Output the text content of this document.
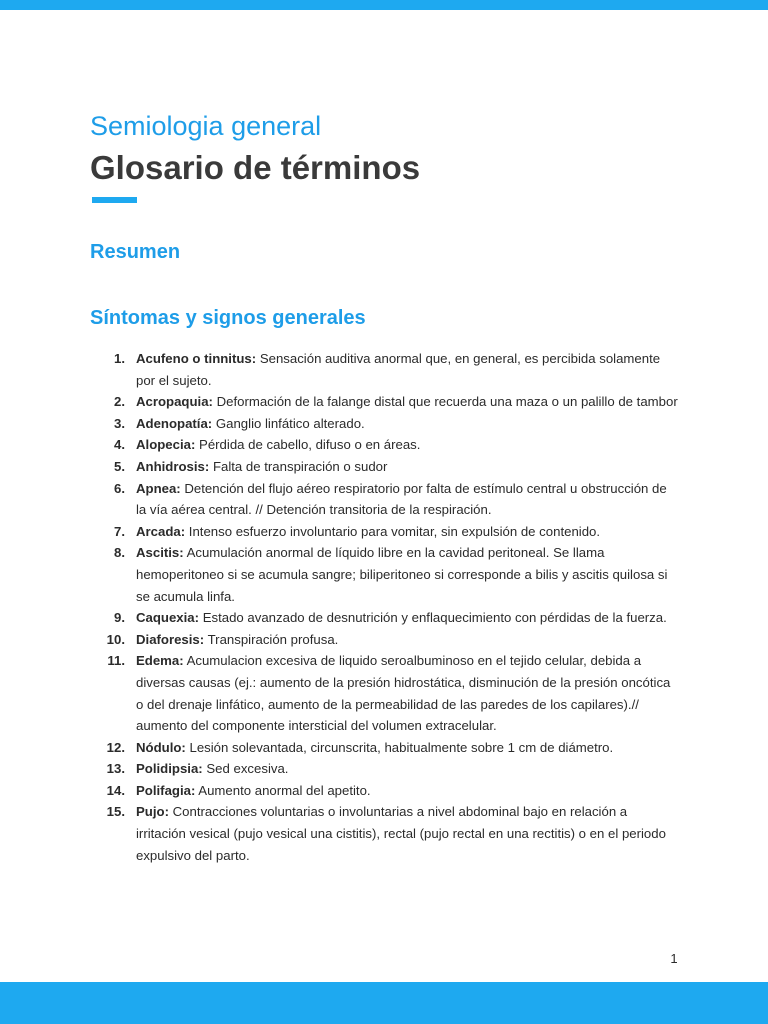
Semiologia general
Glosario de términos
Resumen
Síntomas y signos generales
1. Acufeno o tinnitus: Sensación auditiva anormal que, en general, es percibida solamente por el sujeto.
2. Acropaquia: Deformación de la falange distal que recuerda una maza o un palillo de tambor
3. Adenopatía: Ganglio linfático alterado.
4. Alopecia: Pérdida de cabello, difuso o en áreas.
5. Anhidrosis: Falta de transpiración o sudor
6. Apnea: Detención del flujo aéreo respiratorio por falta de estímulo central u obstrucción de la vía aérea central. // Detención transitoria de la respiración.
7. Arcada: Intenso esfuerzo involuntario para vomitar, sin expulsión de contenido.
8. Ascitis: Acumulación anormal de líquido libre en la cavidad peritoneal. Se llama hemoperitoneo si se acumula sangre; biliperitoneo si corresponde a bilis y ascitis quilosa si se acumula linfa.
9. Caquexia: Estado avanzado de desnutrición y enflaquecimiento con pérdidas de la fuerza.
10. Diaforesis: Transpiración profusa.
11. Edema: Acumulacion excesiva de liquido seroalbuminoso en el tejido celular, debida a diversas causas (ej.: aumento de la presión hidrostática, disminución de la presión oncótica o del drenaje linfático, aumento de la permeabilidad de las paredes de los capilares).// aumento del componente intersticial del volumen extracelular.
12. Nódulo: Lesión solevantada, circunscrita, habitualmente sobre 1 cm de diámetro.
13. Polidipsia: Sed excesiva.
14. Polifagia: Aumento anormal del apetito.
15. Pujo: Contracciones voluntarias o involuntarias a nivel abdominal bajo en relación a irritación vesical (pujo vesical una cistitis), rectal (pujo rectal en una rectitis) o en el periodo expulsivo del parto.
1
